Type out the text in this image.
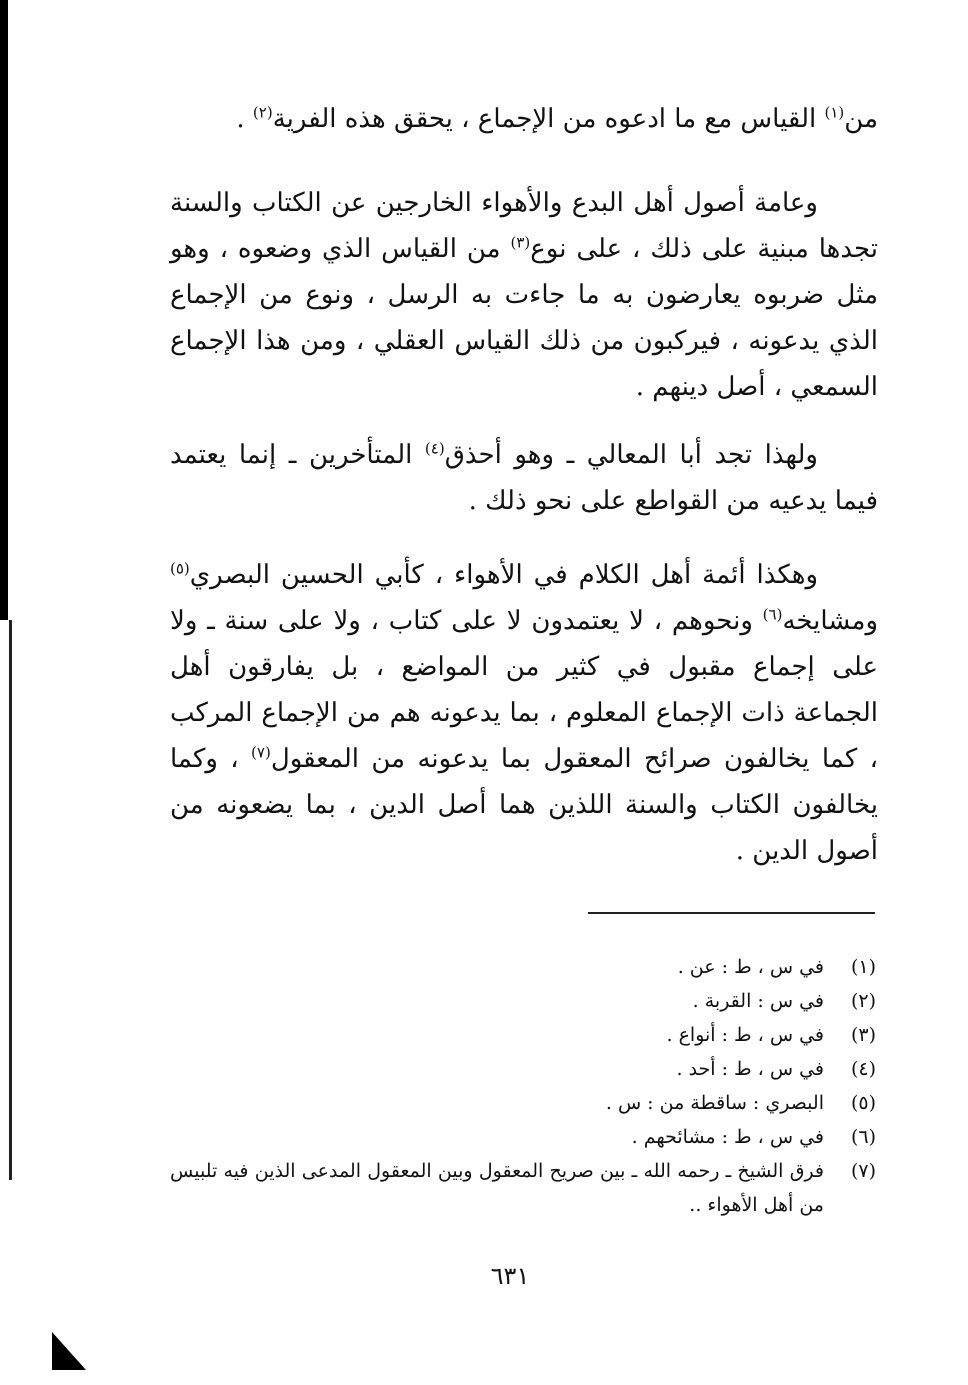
من$^{(١)}$ القياس مع ما ادعوه من الإجماع ، يحقق هذه الفرية$^{(٢)}$ .

وعامة أصول أهل البدع والأهواء الخارجين عن الكتاب والسنة تجدها مبنية على ذلك ، على نوع$^{(٣)}$ من القياس الذي وضعوه ، وهو مثل ضربوه يعارضون به ما جاءت به الرسل ، ونوع من الإجماع الذي يدعونه ، فيركبون من ذلك القياس العقلي ، ومن هذا الإجماع السمعي ، أصل دينهم .

ولهذا تجد أبا المعالي ـ وهو أحذق$^{(٤)}$ المتأخرين ـ إنما يعتمد فيما يدعيه من القواطع على نحو ذلك .

وهكذا أئمة أهل الكلام في الأهواء ، كأبي الحسين البصري$^{(٥)}$ ومشايخه$^{(٦)}$ ونحوهم ، لا يعتمدون لا على كتاب ، ولا على سنة ـ ولا على إجماع مقبول في كثير من المواضع ، بل يفارقون أهل الجماعة ذات الإجماع المعلوم ، بما يدعونه هم من الإجماع المركب ، كما يخالفون صرائح المعقول بما يدعونه من المعقول$^{(٧)}$ ، وكما يخالفون الكتاب والسنة اللذين هما أصل الدين ، بما يضعونه من أصول الدين .

(١)
في س ، ط : عن .
(٢)
في س : القربة .
(٣)
في س ، ط : أنواع .
(٤)
في س ، ط : أحد .
(٥)
البصري : ساقطة من : س .
(٦)
في س ، ط : مشائحهم .
(٧)
فرق الشيخ ـ رحمه الله ـ بين صريح المعقول وبين المعقول المدعى الذين فيه تلبيس من أهل الأهواء ..
٦٣١
